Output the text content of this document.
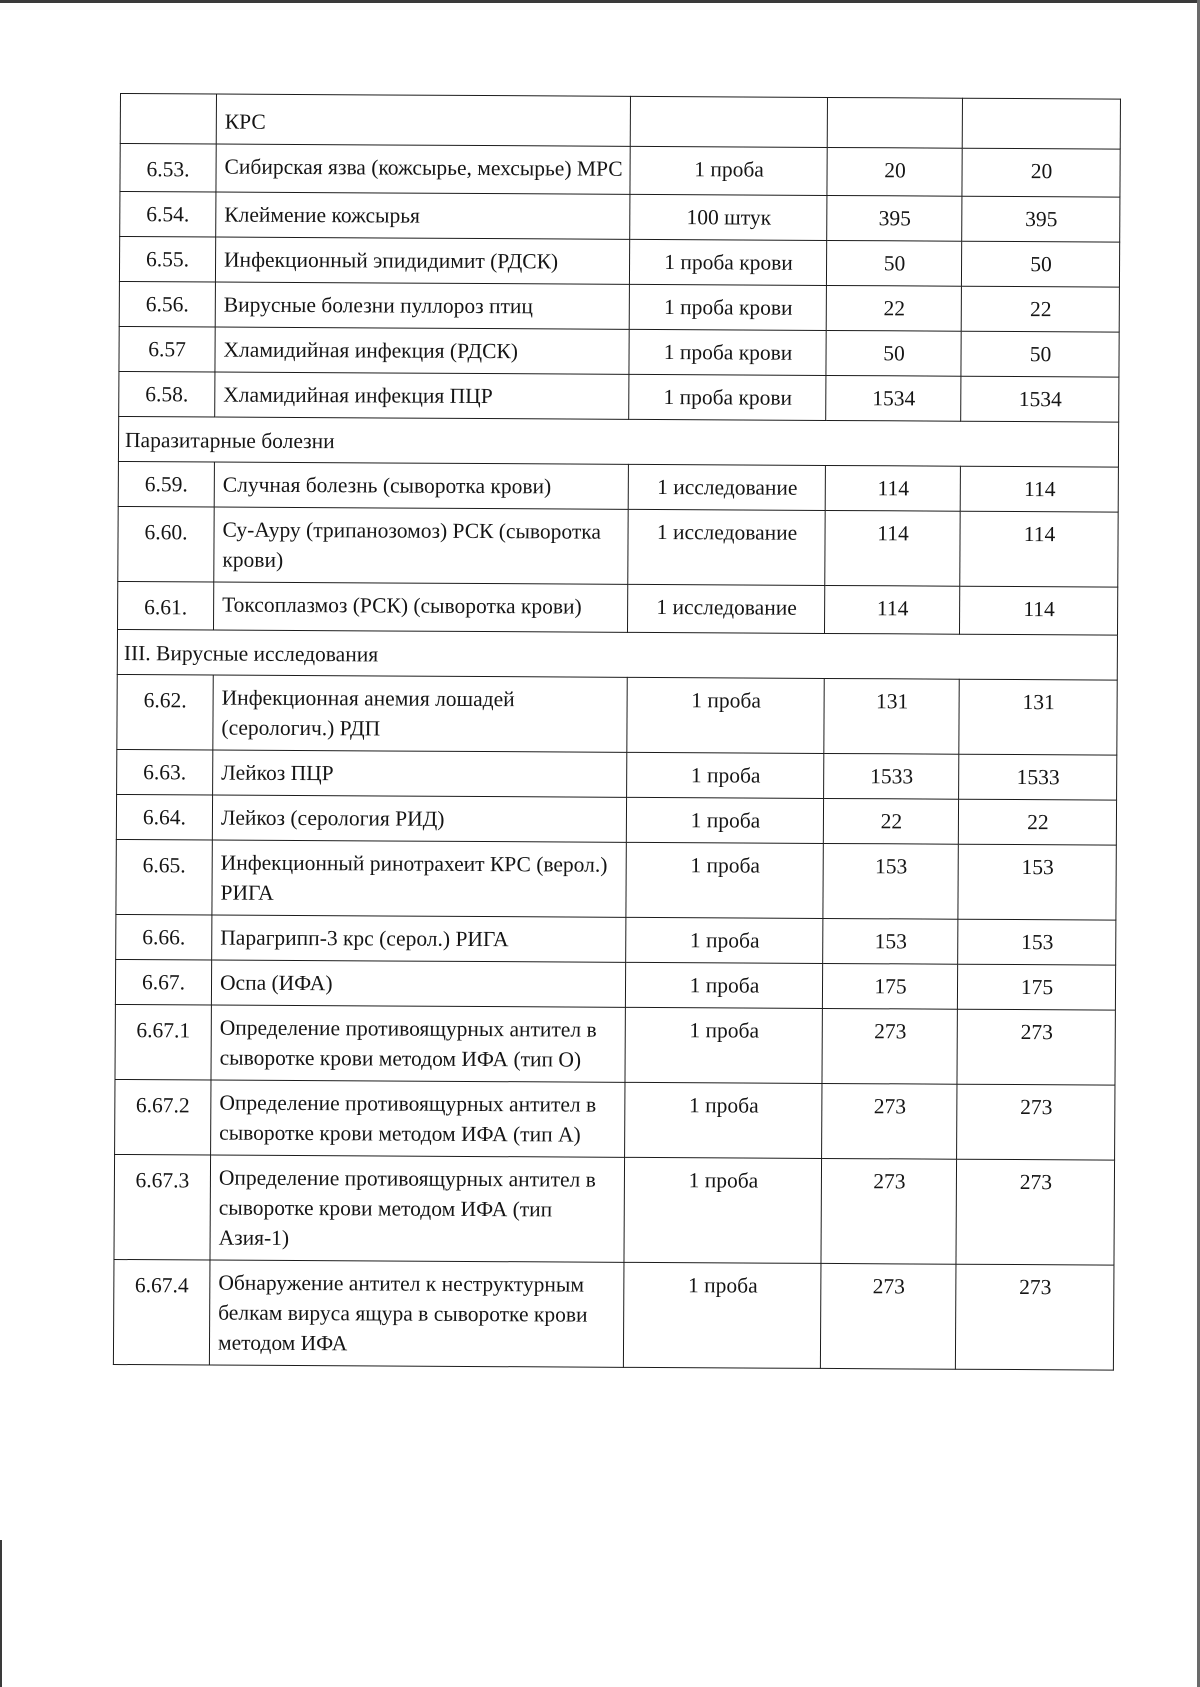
	КРС			
6.53.	Сибирская язва (кожсырье, мехсырье) МРС	1 проба	20	20
6.54.	Клеймение кожсырья	100 штук	395	395
6.55.	Инфекционный эпидидимит (РДСК)	1 проба крови	50	50
6.56.	Вирусные болезни пуллороз птиц	1 проба крови	22	22
6.57	Хламидийная инфекция (РДСК)	1 проба крови	50	50
6.58.	Хламидийная инфекция ПЦР	1 проба крови	1534	1534
Паразитарные болезни				
6.59.	Случная болезнь (сыворотка крови)	1 исследование	114	114
6.60.	Су-Ауру (трипанозомоз) РСК (сыворотка крови)	1 исследование	114	114
6.61.	Токсоплазмоз (РСК) (сыворотка крови)	1 исследование	114	114
III. Вирусные исследования				
6.62.	Инфекционная анемия лошадей (серологич.) РДП	1 проба	131	131
6.63.	Лейкоз ПЦР	1 проба	1533	1533
6.64.	Лейкоз (серология РИД)	1 проба	22	22
6.65.	Инфекционный ринотрахеит КРС (верол.) РИГА	1 проба	153	153
6.66.	Парагрипп-3 крс (серол.) РИГА	1 проба	153	153
6.67.	Оспа (ИФА)	1 проба	175	175
6.67.1	Определение противоящурных антител в сыворотке крови методом ИФА (тип О)	1 проба	273	273
6.67.2	Определение противоящурных антител в сыворотке крови методом ИФА (тип А)	1 проба	273	273
6.67.3	Определение противоящурных антител в сыворотке крови методом ИФА (тип Азия-1)	1 проба	273	273
6.67.4	Обнаружение антител к неструктурным белкам вируса ящура в сыворотке крови методом ИФА	1 проба	273	273
